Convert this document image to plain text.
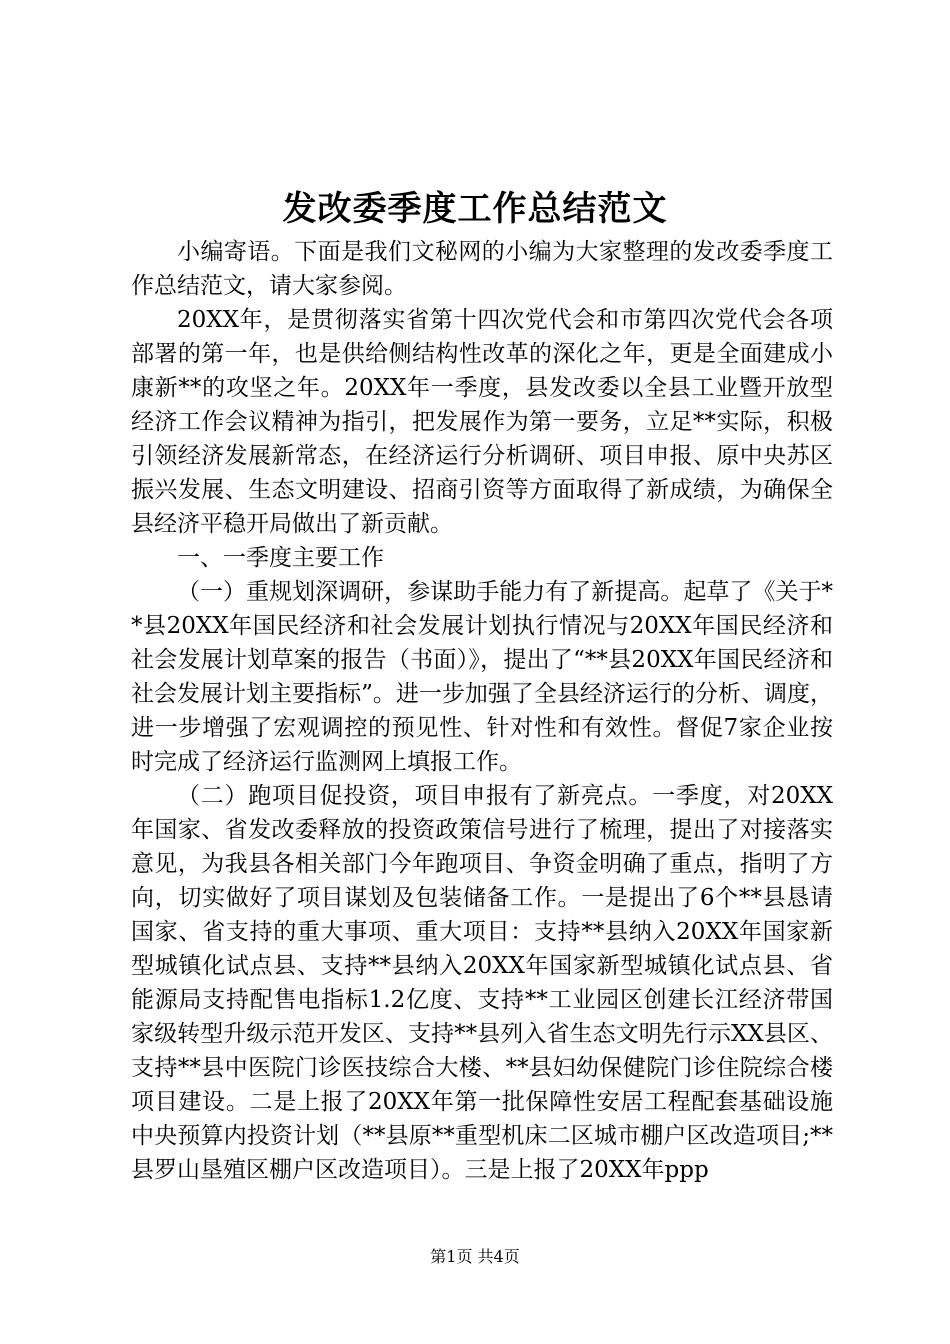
发改委季度工作总结范文

小编寄语。下面是我们文秘网的小编为大家整理的发改委季度工作总结范文，请大家参阅。

20XX年，是贯彻落实省第十四次党代会和市第四次党代会各项部署的第一年，也是供给侧结构性改革的深化之年，更是全面建成小康新**的攻坚之年。20XX年一季度，县发改委以全县工业暨开放型经济工作会议精神为指引，把发展作为第一要务，立足**实际，积极引领经济发展新常态，在经济运行分析调研、项目申报、原中央苏区振兴发展、生态文明建设、招商引资等方面取得了新成绩，为确保全县经济平稳开局做出了新贡献。

一、一季度主要工作

（一）重规划深调研，参谋助手能力有了新提高。起草了《关于**县20XX年国民经济和社会发展计划执行情况与20XX年国民经济和社会发展计划草案的报告（书面）》，提出了“**县20XX年国民经济和社会发展计划主要指标”。进一步加强了全县经济运行的分析、调度，进一步增强了宏观调控的预见性、针对性和有效性。督促7家企业按时完成了经济运行监测网上填报工作。

（二）跑项目促投资，项目申报有了新亮点。一季度，对20XX年国家、省发改委释放的投资政策信号进行了梳理，提出了对接落实意见，为我县各相关部门今年跑项目、争资金明确了重点，指明了方向，切实做好了项目谋划及包装储备工作。一是提出了6个**县恳请国家、省支持的重大事项、重大项目：支持**县纳入20XX年国家新型城镇化试点县、支持**县纳入20XX年国家新型城镇化试点县、省能源局支持配售电指标1.2亿度、支持**工业园区创建长江经济带国家级转型升级示范开发区、支持**县列入省生态文明先行示XX县区、支持**县中医院门诊医技综合大楼、**县妇幼保健院门诊住院综合楼项目建设。二是上报了20XX年第一批保障性安居工程配套基础设施中央预算内投资计划（**县原**重型机床二区城市棚户区改造项目;**县罗山垦殖区棚户区改造项目）。三是上报了20XX年ppp

第1页 共4页
